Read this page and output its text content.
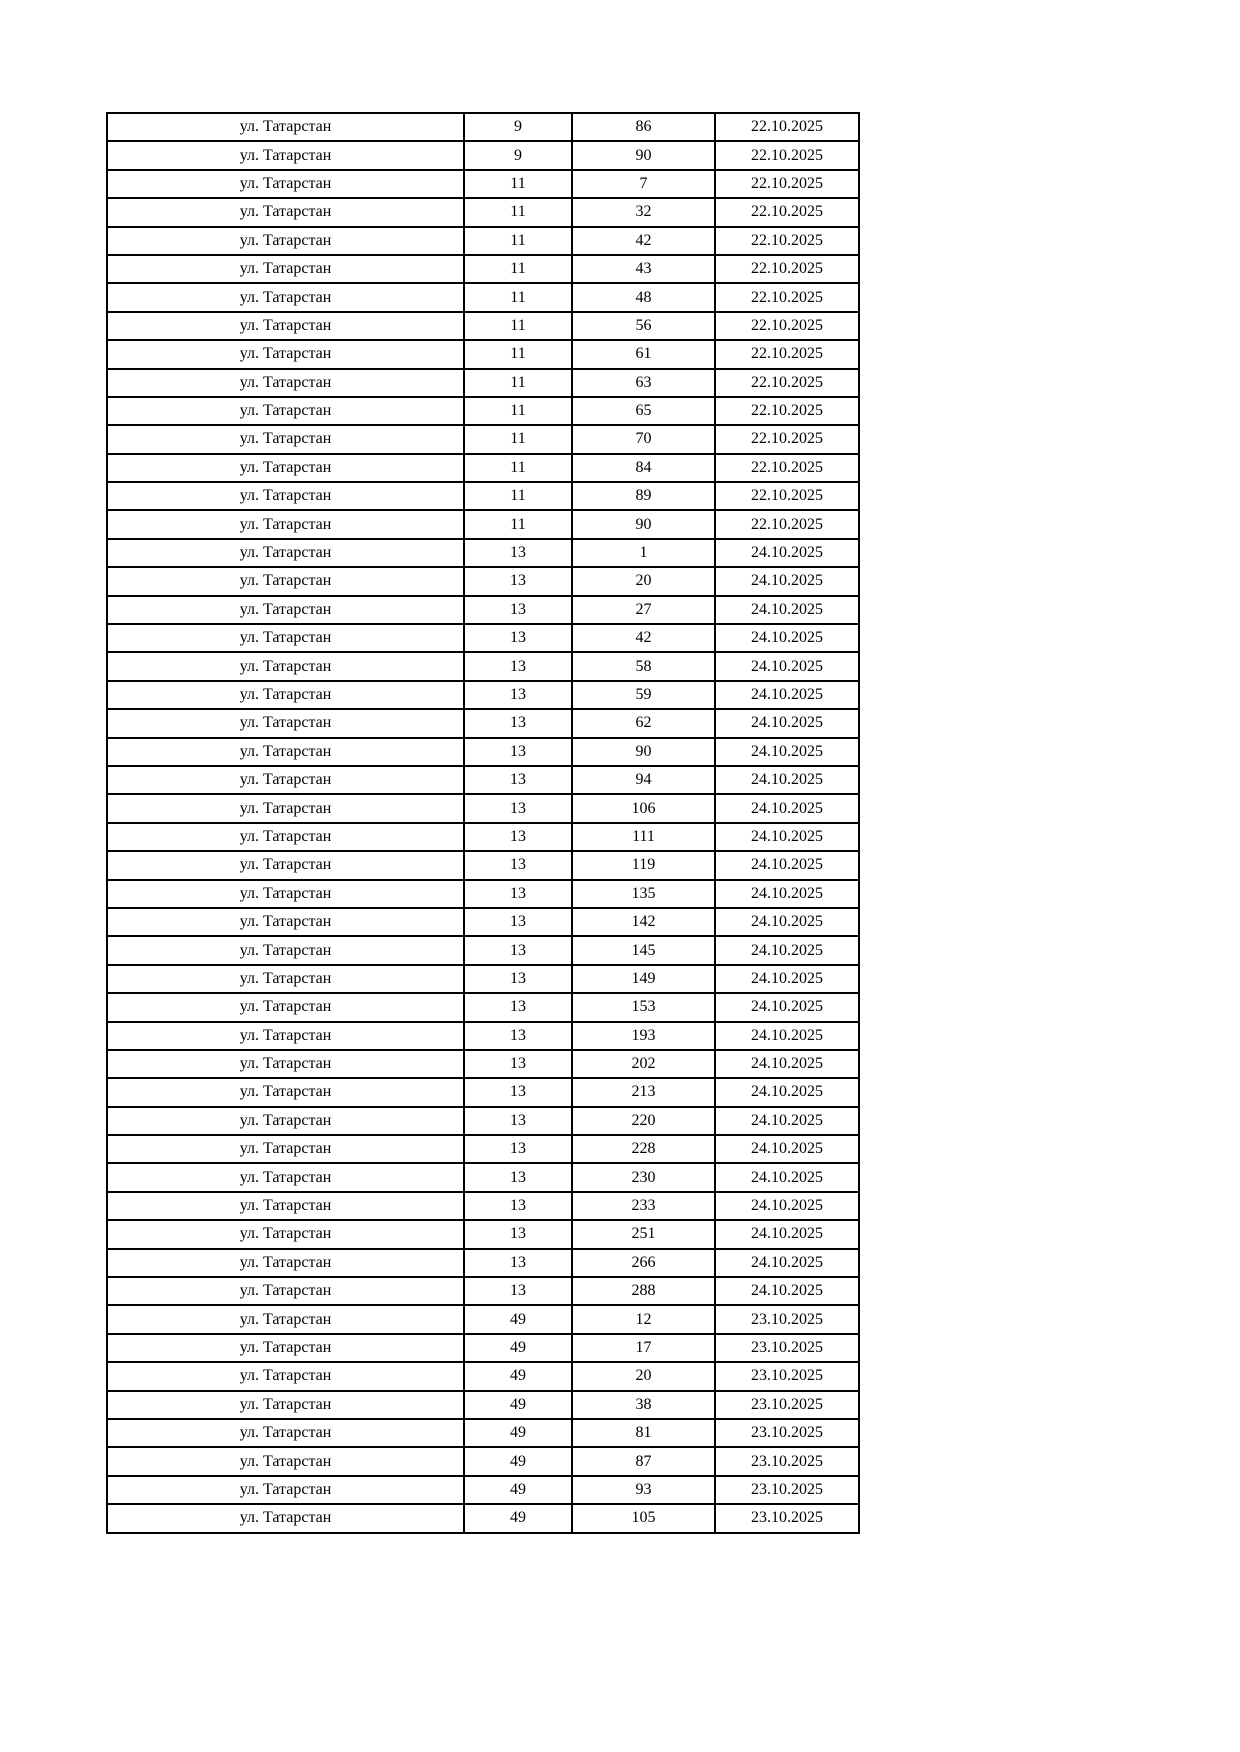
ул. Татарстан	9	86	22.10.2025
ул. Татарстан	9	90	22.10.2025
ул. Татарстан	11	7	22.10.2025
ул. Татарстан	11	32	22.10.2025
ул. Татарстан	11	42	22.10.2025
ул. Татарстан	11	43	22.10.2025
ул. Татарстан	11	48	22.10.2025
ул. Татарстан	11	56	22.10.2025
ул. Татарстан	11	61	22.10.2025
ул. Татарстан	11	63	22.10.2025
ул. Татарстан	11	65	22.10.2025
ул. Татарстан	11	70	22.10.2025
ул. Татарстан	11	84	22.10.2025
ул. Татарстан	11	89	22.10.2025
ул. Татарстан	11	90	22.10.2025
ул. Татарстан	13	1	24.10.2025
ул. Татарстан	13	20	24.10.2025
ул. Татарстан	13	27	24.10.2025
ул. Татарстан	13	42	24.10.2025
ул. Татарстан	13	58	24.10.2025
ул. Татарстан	13	59	24.10.2025
ул. Татарстан	13	62	24.10.2025
ул. Татарстан	13	90	24.10.2025
ул. Татарстан	13	94	24.10.2025
ул. Татарстан	13	106	24.10.2025
ул. Татарстан	13	111	24.10.2025
ул. Татарстан	13	119	24.10.2025
ул. Татарстан	13	135	24.10.2025
ул. Татарстан	13	142	24.10.2025
ул. Татарстан	13	145	24.10.2025
ул. Татарстан	13	149	24.10.2025
ул. Татарстан	13	153	24.10.2025
ул. Татарстан	13	193	24.10.2025
ул. Татарстан	13	202	24.10.2025
ул. Татарстан	13	213	24.10.2025
ул. Татарстан	13	220	24.10.2025
ул. Татарстан	13	228	24.10.2025
ул. Татарстан	13	230	24.10.2025
ул. Татарстан	13	233	24.10.2025
ул. Татарстан	13	251	24.10.2025
ул. Татарстан	13	266	24.10.2025
ул. Татарстан	13	288	24.10.2025
ул. Татарстан	49	12	23.10.2025
ул. Татарстан	49	17	23.10.2025
ул. Татарстан	49	20	23.10.2025
ул. Татарстан	49	38	23.10.2025
ул. Татарстан	49	81	23.10.2025
ул. Татарстан	49	87	23.10.2025
ул. Татарстан	49	93	23.10.2025
ул. Татарстан	49	105	23.10.2025
